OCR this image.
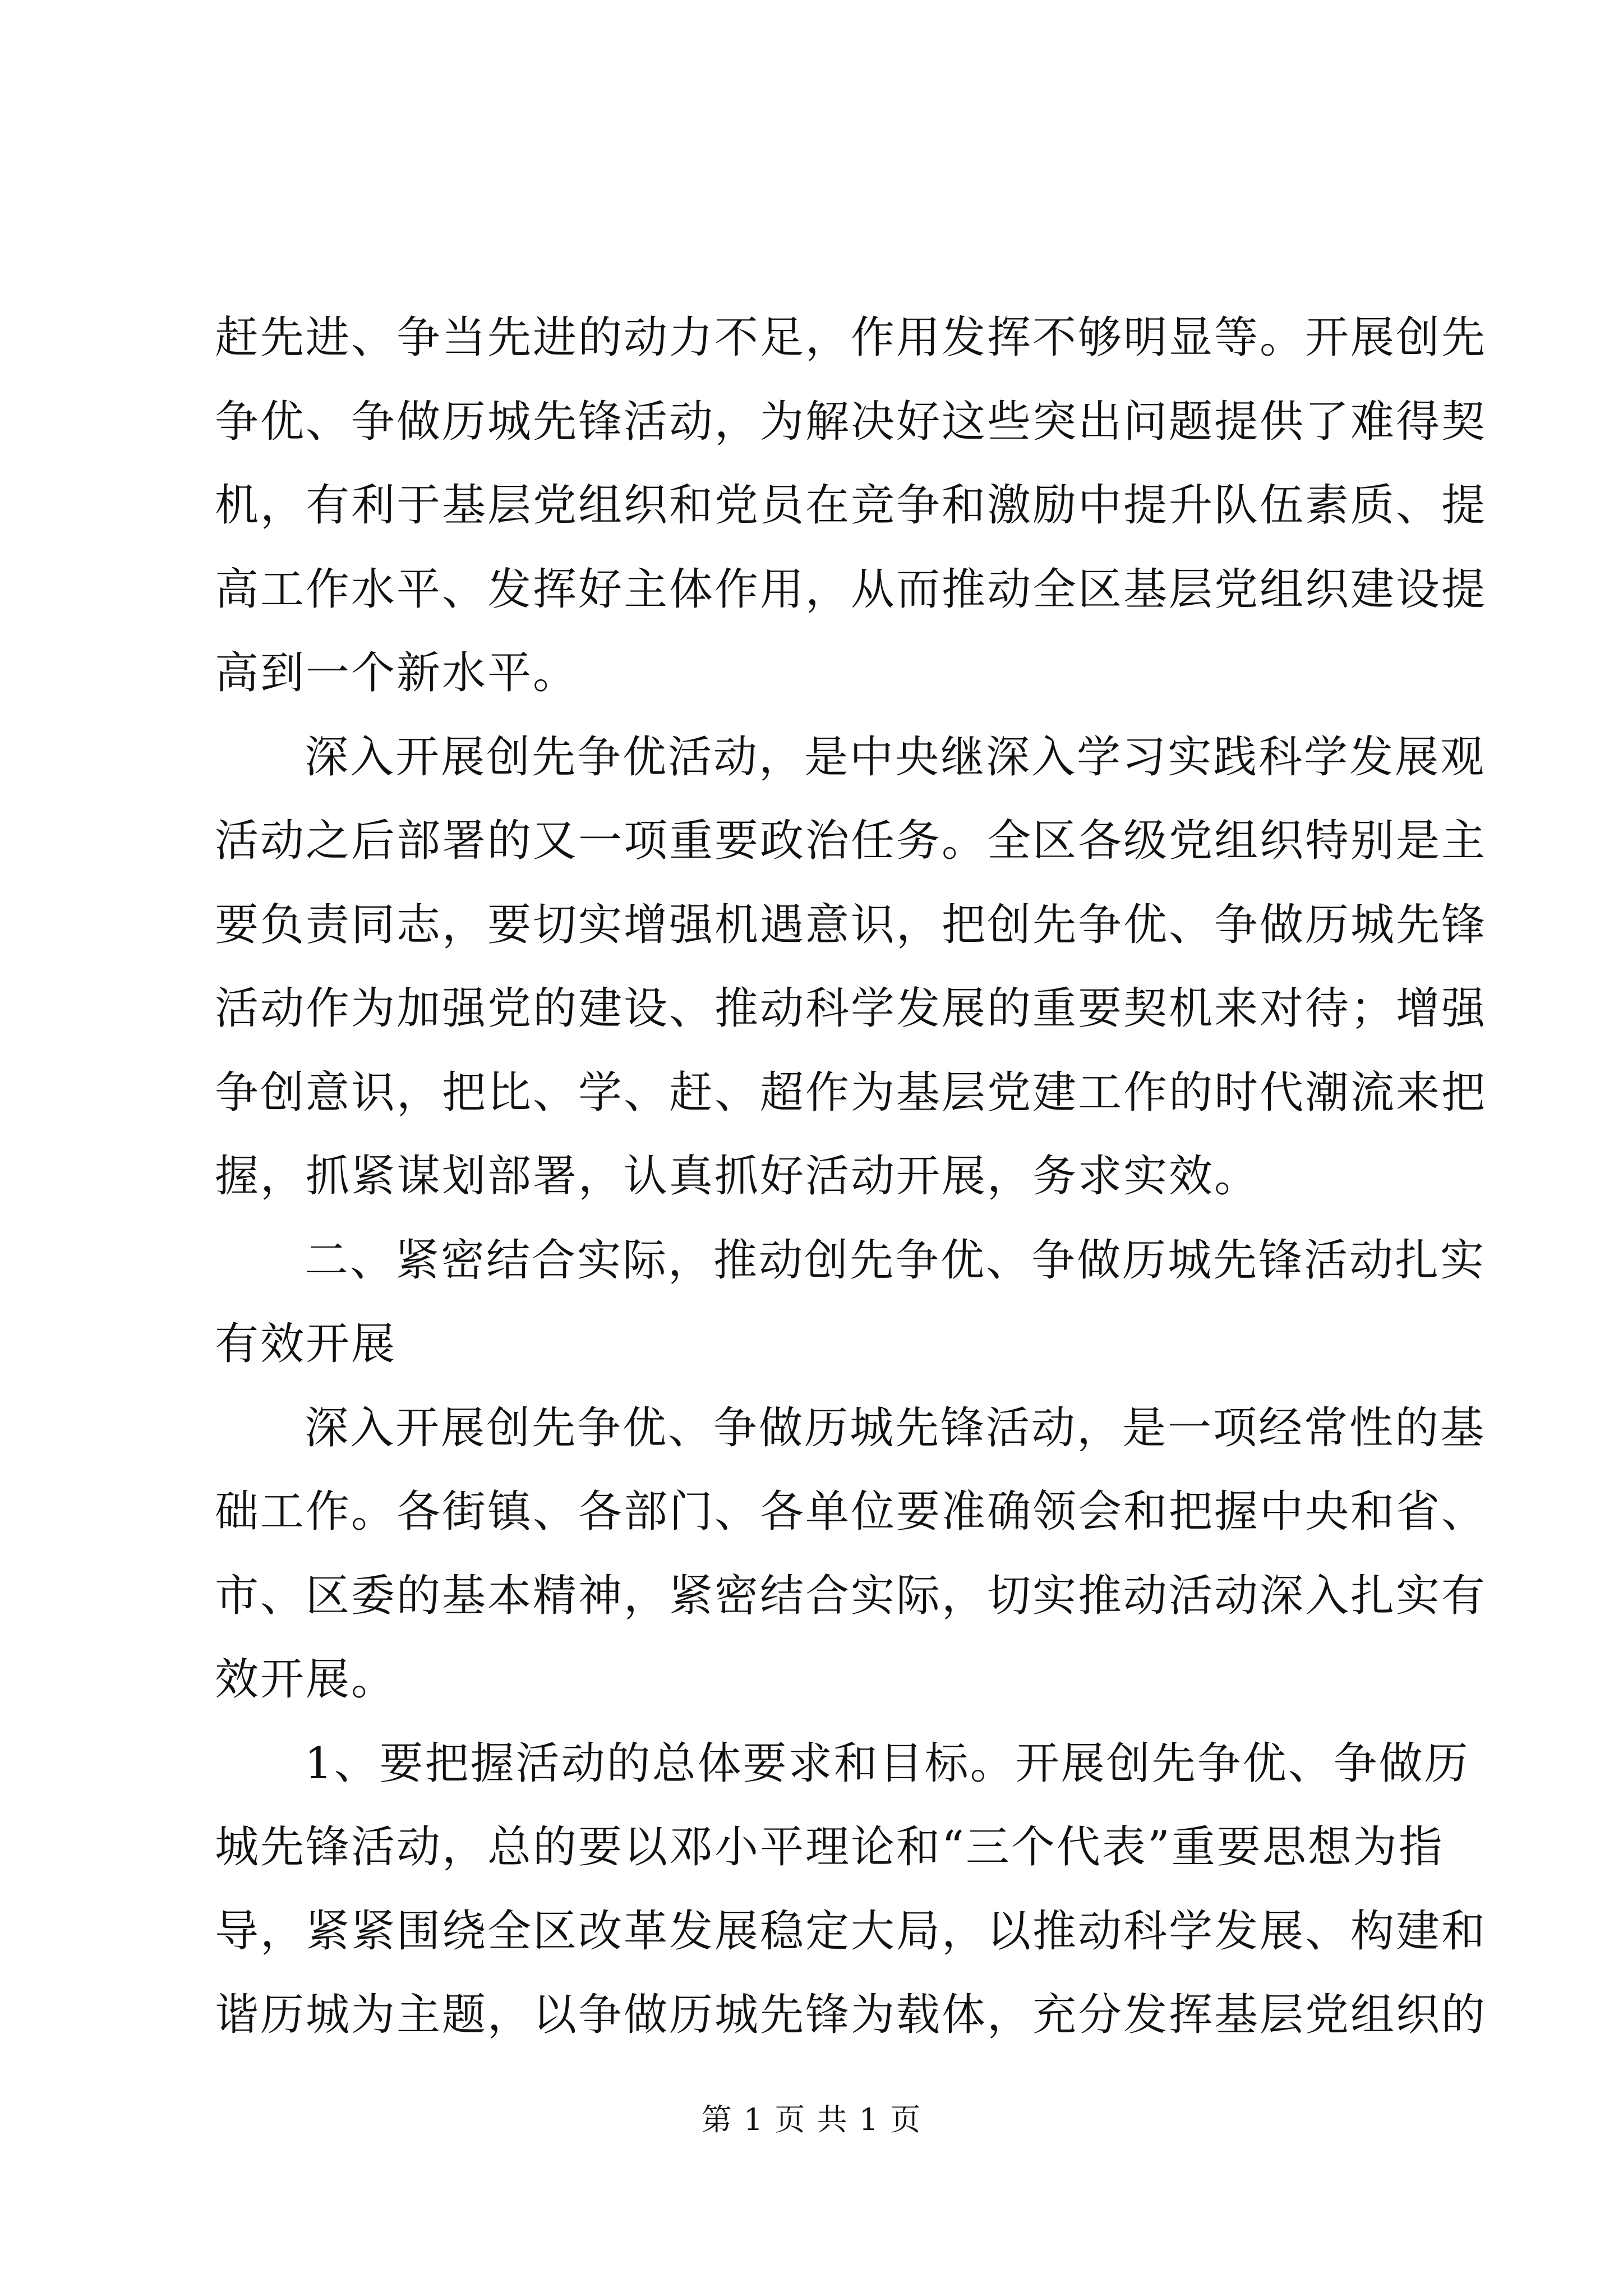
赶先进、争当先进的动力不足，作用发挥不够明显等。开展创先
争优、争做历城先锋活动，为解决好这些突出问题提供了难得契
机，有利于基层党组织和党员在竞争和激励中提升队伍素质、提
高工作水平、发挥好主体作用，从而推动全区基层党组织建设提
高到一个新水平。
深入开展创先争优活动，是中央继深入学习实践科学发展观
活动之后部署的又一项重要政治任务。全区各级党组织特别是主
要负责同志，要切实增强机遇意识，把创先争优、争做历城先锋
活动作为加强党的建设、推动科学发展的重要契机来对待；增强
争创意识，把比、学、赶、超作为基层党建工作的时代潮流来把
握，抓紧谋划部署，认真抓好活动开展，务求实效。
二、紧密结合实际，推动创先争优、争做历城先锋活动扎实
有效开展
深入开展创先争优、争做历城先锋活动，是一项经常性的基
础工作。各街镇、各部门、各单位要准确领会和把握中央和省、
市、区委的基本精神，紧密结合实际，切实推动活动深入扎实有
效开展。
1、要把握活动的总体要求和目标。开展创先争优、争做历
城先锋活动，总的要以邓小平理论和“三个代表”重要思想为指
导，紧紧围绕全区改革发展稳定大局，以推动科学发展、构建和
谐历城为主题，以争做历城先锋为载体，充分发挥基层党组织的
第 1 页 共 1 页
